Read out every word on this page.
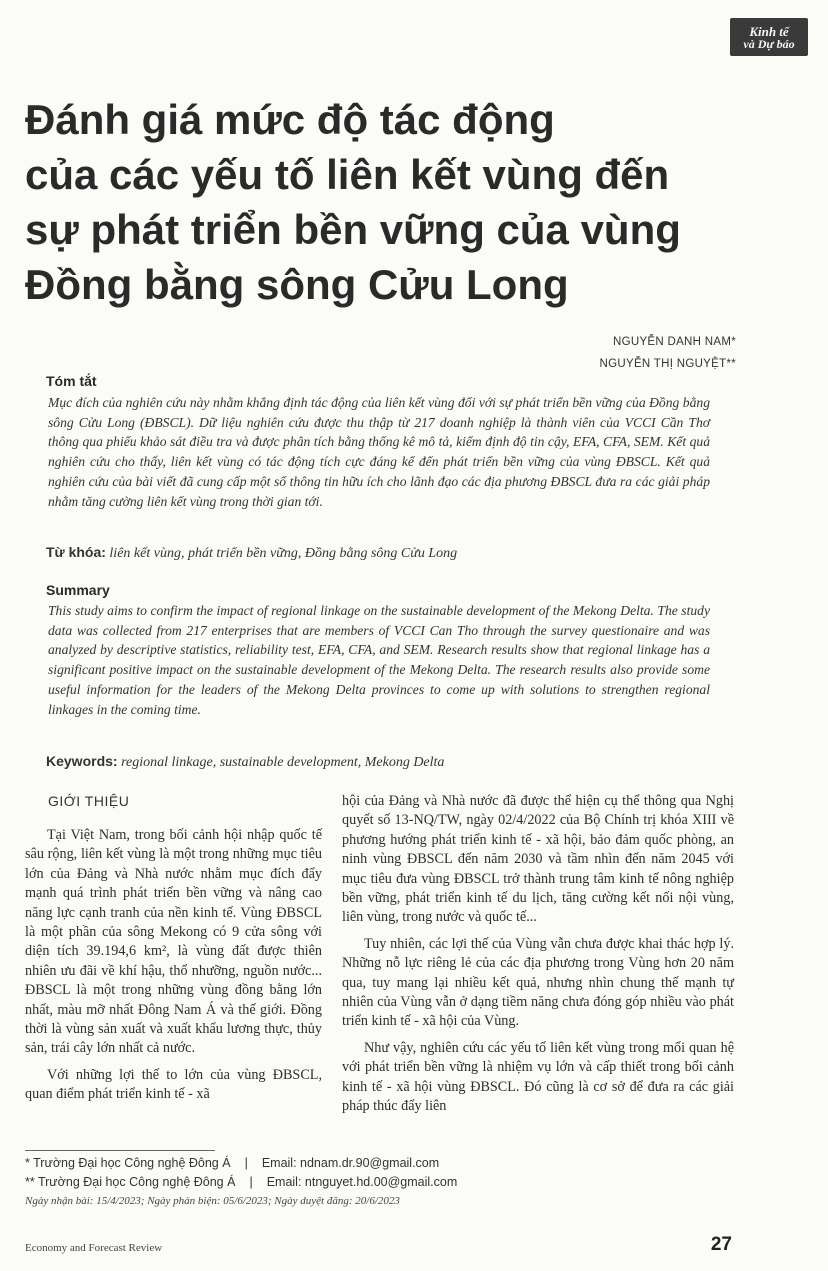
Kinh tế
và Dự báo
Đánh giá mức độ tác động
của các yếu tố liên kết vùng đến
sự phát triển bền vững của vùng
Đồng bằng sông Cửu Long
NGUYỄN DANH NAM*
NGUYỄN THỊ NGUYỆT**
Tóm tắt

Mục đích của nghiên cứu này nhằm khẳng định tác động của liên kết vùng đối với sự phát triển bền vững của Đồng bằng sông Cửu Long (ĐBSCL). Dữ liệu nghiên cứu được thu thập từ 217 doanh nghiệp là thành viên của VCCI Cần Thơ thông qua phiếu khảo sát điều tra và được phân tích bằng thống kê mô tả, kiểm định độ tin cậy, EFA, CFA, SEM. Kết quả nghiên cứu cho thấy, liên kết vùng có tác động tích cực đáng kể đến phát triển bền vững của vùng ĐBSCL. Kết quả nghiên cứu của bài viết đã cung cấp một số thông tin hữu ích cho lãnh đạo các địa phương ĐBSCL đưa ra các giải pháp nhằm tăng cường liên kết vùng trong thời gian tới.

Từ khóa: liên kết vùng, phát triển bền vững, Đồng bằng sông Cửu Long
Summary

This study aims to confirm the impact of regional linkage on the sustainable development of the Mekong Delta. The study data was collected from 217 enterprises that are members of VCCI Can Tho through the survey questionaire and was analyzed by descriptive statistics, reliability test, EFA, CFA, and SEM. Research results show that regional linkage has a significant positive impact on the sustainable development of the Mekong Delta. The research results also provide some useful information for the leaders of the Mekong Delta provinces to come up with solutions to strengthen regional linkages in the coming time.

Keywords: regional linkage, sustainable development, Mekong Delta
GIỚI THIỆU

Tại Việt Nam, trong bối cảnh hội nhập quốc tế sâu rộng, liên kết vùng là một trong những mục tiêu lớn của Đảng và Nhà nước nhằm mục đích đẩy mạnh quá trình phát triển bền vững và nâng cao năng lực cạnh tranh của nền kinh tế. Vùng ĐBSCL là một phần của sông Mekong có 9 cửa sông với diện tích 39.194,6 km², là vùng đất được thiên nhiên ưu đãi về khí hậu, thổ nhưỡng, nguồn nước... ĐBSCL là một trong những vùng đồng bằng lớn nhất, màu mỡ nhất Đông Nam Á và thế giới. Đồng thời là vùng sản xuất và xuất khẩu lương thực, thủy sản, trái cây lớn nhất cả nước.

Với những lợi thế to lớn của vùng ĐBSCL, quan điểm phát triển kinh tế - xã

hội của Đảng và Nhà nước đã được thể hiện cụ thể thông qua Nghị quyết số 13-NQ/TW, ngày 02/4/2022 của Bộ Chính trị khóa XIII về phương hướng phát triển kinh tế - xã hội, bảo đảm quốc phòng, an ninh vùng ĐBSCL đến năm 2030 và tầm nhìn đến năm 2045 với mục tiêu đưa vùng ĐBSCL trở thành trung tâm kinh tế nông nghiệp bền vững, phát triển kinh tế du lịch, tăng cường kết nối nội vùng, liên vùng, trong nước và quốc tế...

Tuy nhiên, các lợi thế của Vùng vẫn chưa được khai thác hợp lý. Những nỗ lực riêng lẻ của các địa phương trong Vùng hơn 20 năm qua, tuy mang lại nhiều kết quả, nhưng nhìn chung thế mạnh tự nhiên của Vùng vẫn ở dạng tiềm năng chưa đóng góp nhiều vào phát triển kinh tế - xã hội của Vùng.

Như vậy, nghiên cứu các yếu tố liên kết vùng trong mối quan hệ với phát triển bền vững là nhiệm vụ lớn và cấp thiết trong bối cảnh kinh tế - xã hội vùng ĐBSCL. Đó cũng là cơ sở để đưa ra các giải pháp thúc đẩy liên

* Trường Đại học Công nghệ Đông Á | Email: ndnam.dr.90@gmail.com
** Trường Đại học Công nghệ Đông Á | Email: ntnguyet.hd.00@gmail.com
Ngày nhận bài: 15/4/2023; Ngày phản biện: 05/6/2023; Ngày duyệt đăng: 20/6/2023
Economy and Forecast Review	27
